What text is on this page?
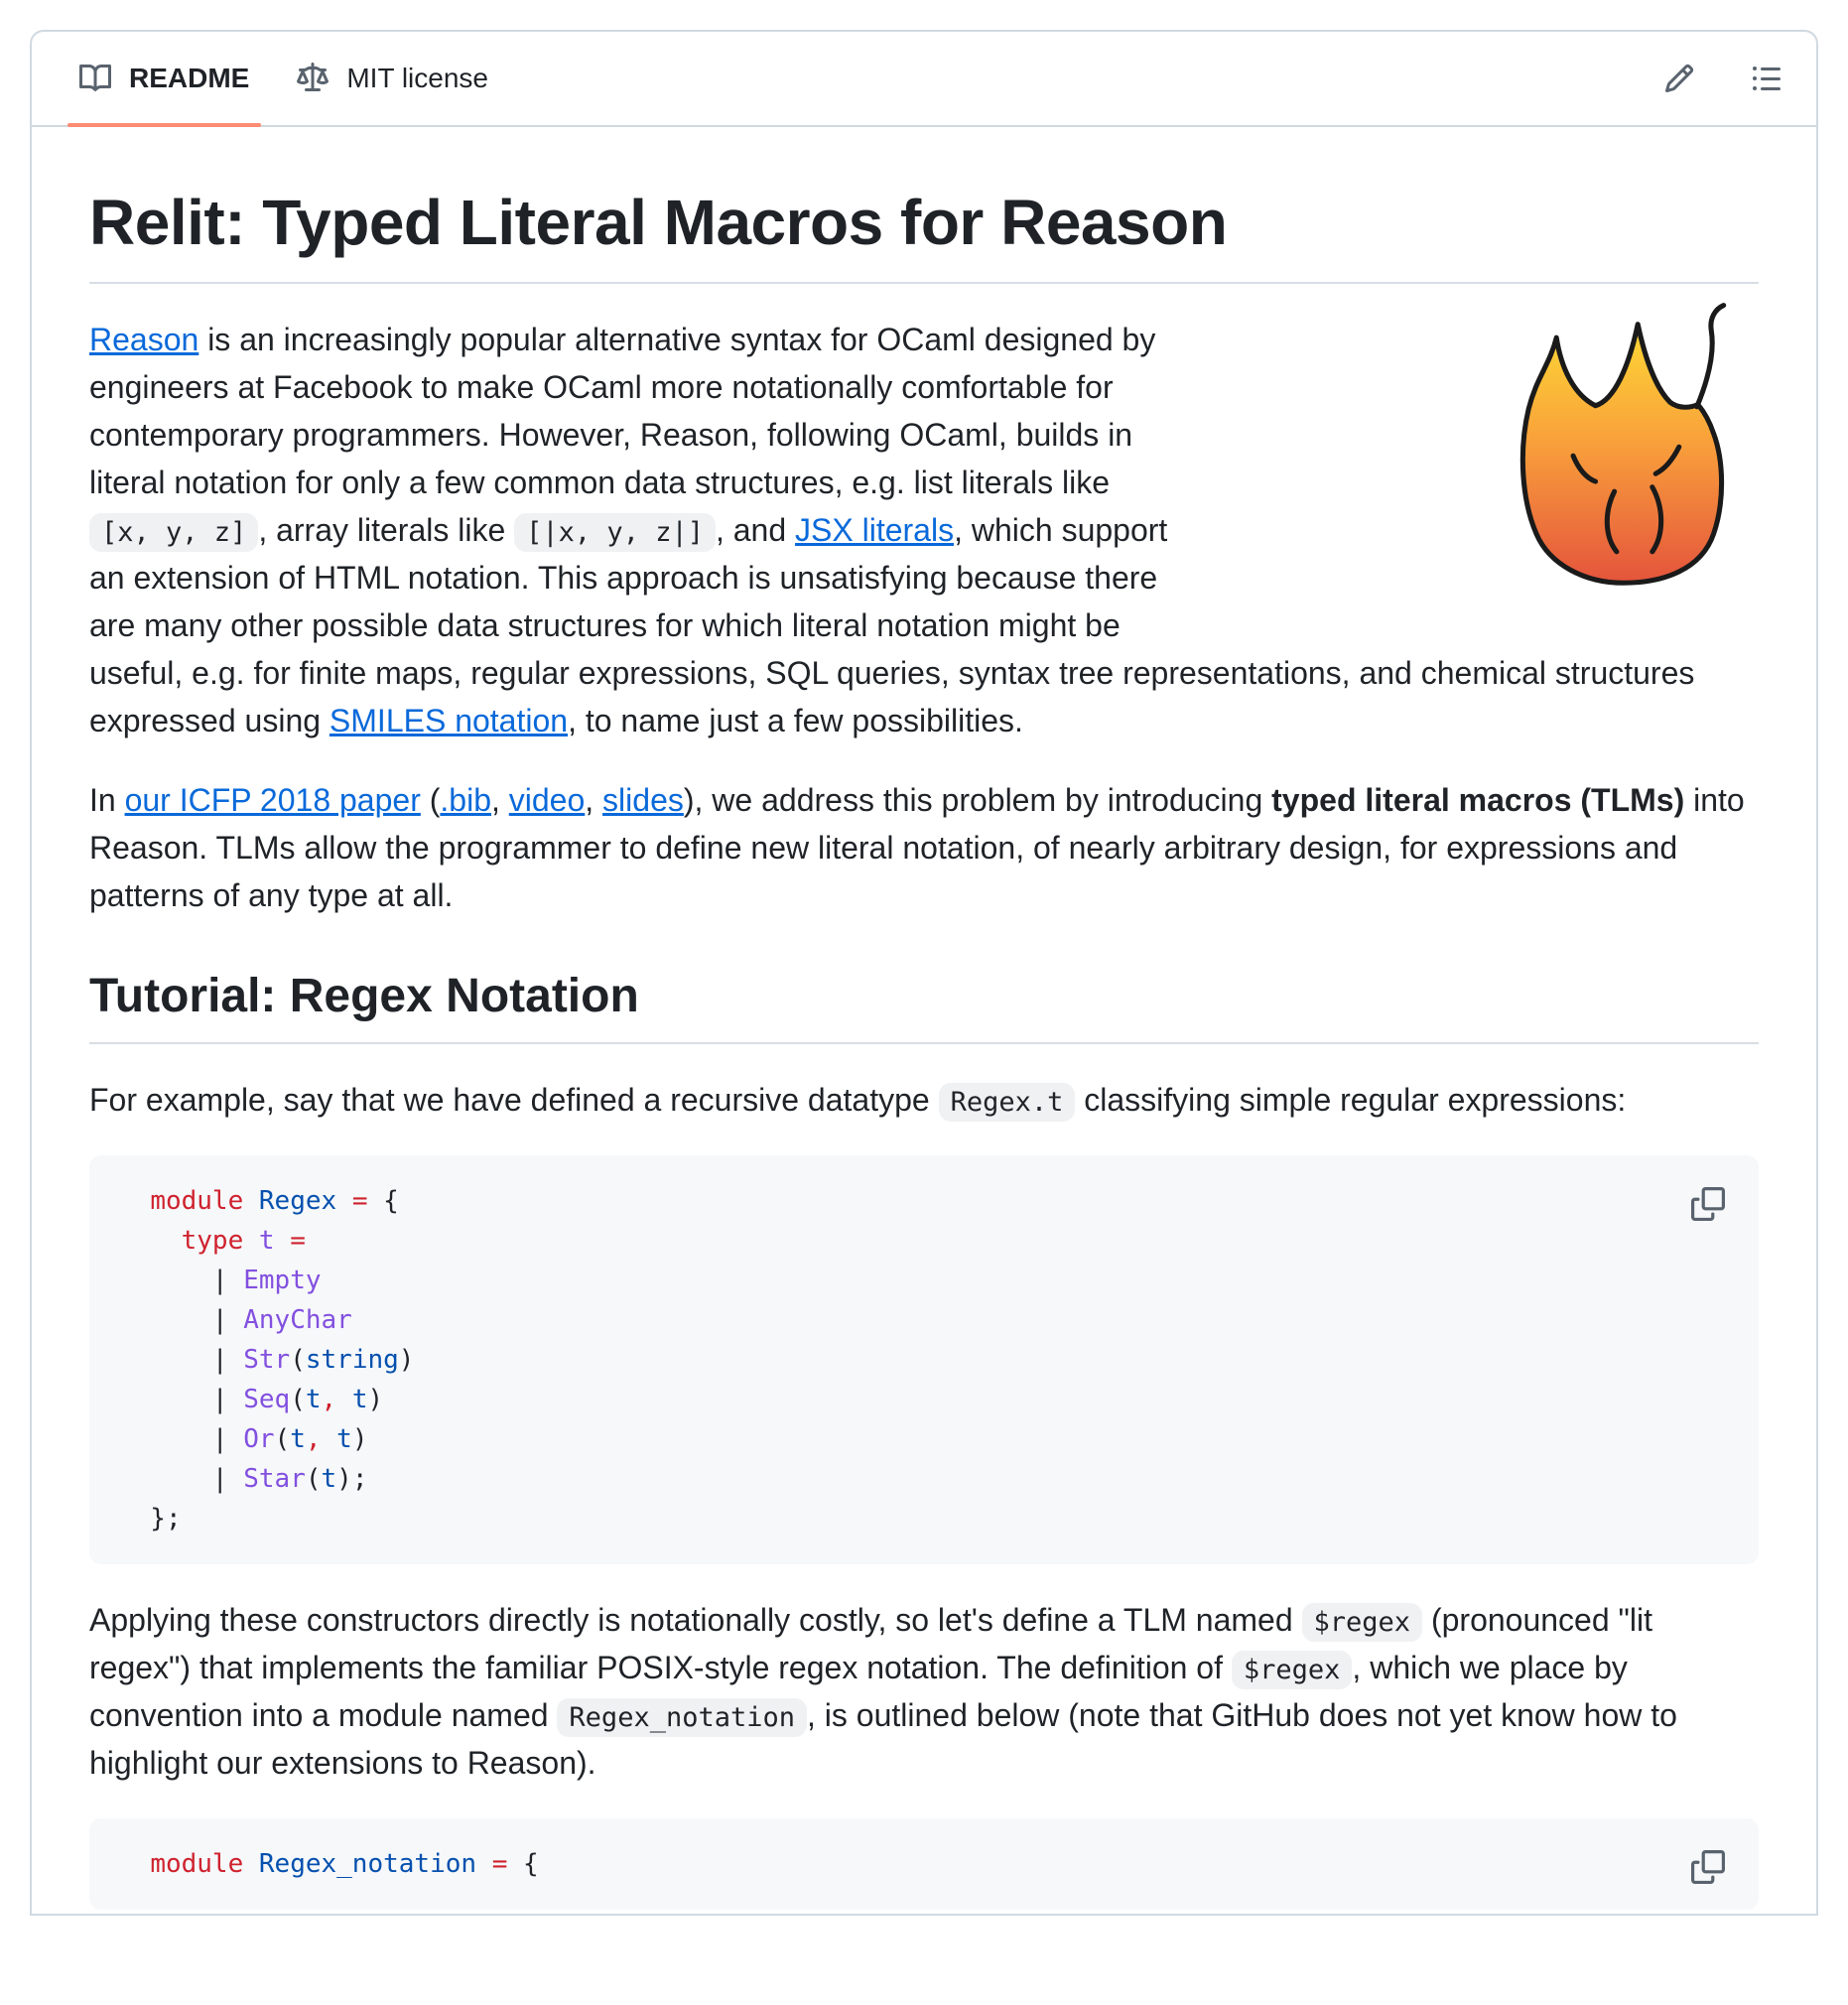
README	MIT license
Relit: Typed Literal Macros for Reason

Reason is an increasingly popular alternative syntax for OCaml designed by engineers at Facebook to make OCaml more notationally comfortable for contemporary programmers. However, Reason, following OCaml, builds in literal notation for only a few common data structures, e.g. list literals like [x, y, z] , array literals like [|x, y, z|] , and JSX literals, which support an extension of HTML notation. This approach is unsatisfying because there are many other possible data structures for which literal notation might be useful, e.g. for finite maps, regular expressions, SQL queries, syntax tree representations, and chemical structures expressed using SMILES notation, to name just a few possibilities.

In our ICFP 2018 paper (.bib, video, slides), we address this problem by introducing typed literal macros (TLMs) into Reason. TLMs allow the programmer to define new literal notation, of nearly arbitrary design, for expressions and patterns of any type at all.

Tutorial: Regex Notation

For example, say that we have defined a recursive datatype Regex.t classifying simple regular expressions:

module Regex = {
type t =
| Empty
| AnyChar
| Str(string)
| Seq(t, t)
| Or(t, t)
| Star(t);
};

Applying these constructors directly is notationally costly, so let's define a TLM named $regex (pronounced "lit regex") that implements the familiar POSIX-style regex notation. The definition of $regex , which we place by convention into a module named Regex_notation , is outlined below (note that GitHub does not yet know how to highlight our extensions to Reason).

module Regex_notation = {
